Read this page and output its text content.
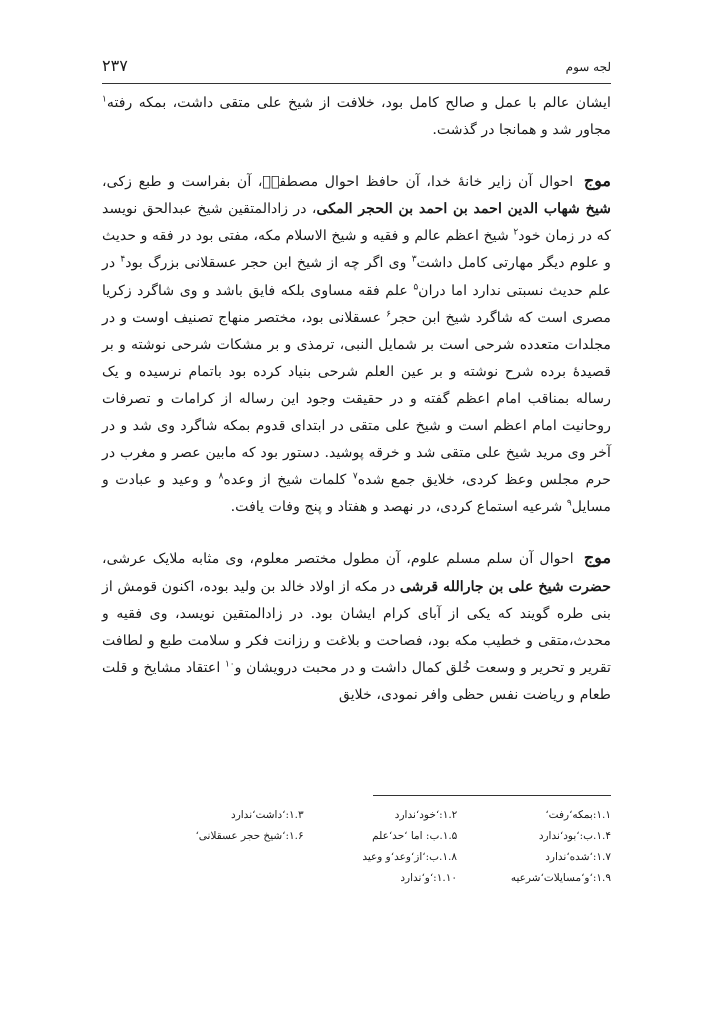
۲۳۷	لجه سوم

ایشان عالم با عمل و صالح کامل بود، خلافت از شیخ علی متقی داشت، بمکه رفته$^۱$ مجاور شد و همانجا در گذشت.

موج احوال آن زایر خانهٔ خدا، آن حافظ احوال مصطفیؐ، آن بفراست و طبع زکی، شیخ شهاب الدین احمد بن احمد بن الحجر المکی، در زادالمتقین شیخ عبدالحق نویسد که در زمان خود$^۲$ شیخ اعظم عالم و فقیه و شیخ الاسلام مکه، مفتی بود در فقه و حدیث و علوم دیگر مهارتی کامل داشت$^۳$ وی اگر چه از شیخ ابن حجر عسقلانی بزرگ بود$^۴$ در علم حدیث نسبتی ندارد اما دران$^۵$ علم فقه مساوی بلکه فایق باشد و وی شاگرد زکریا مصری است که شاگرد شیخ ابن حجر$^۶$ عسقلانی بود، مختصر منهاج تصنیف اوست و در مجلدات متعدده شرحی است بر شمایل النبی، ترمذی و بر مشکات شرحی نوشته و بر قصیدهٔ برده شرح نوشته و بر عین العلم شرحی بنیاد کرده بود باتمام نرسیده و یک رساله بمناقب امام اعظم گفته و در حقیقت وجود این رساله از کرامات و تصرفات روحانیت امام اعظم است و شیخ علی متقی در ابتدای قدوم بمکه شاگرد وی شد و در آخر وی مرید شیخ علی متقی شد و خرقه پوشید. دستور بود که مابین عصر و مغرب در حرم مجلس وعظ کردی، خلایق جمع شده$^۷$ کلمات شیخ از وعده$^۸$ و وعید و عبادت و مسایل$^۹$ شرعیه استماع کردی، در نهصد و هفتاد و پنج وفات یافت.

موج احوال آن سلم مسلم علوم، آن مطول مختصر معلوم، وی مثابه ملایک عرشی، حضرت شیخ علی بن جارالله قرشی در مکه از اولاد خالد بن ولید بوده، اکنون قومش از بنی طره گویند که یکی از آبای کرام ایشان بود. در زادالمتقین نویسد، وی فقیه و محدث،متقی و خطیب مکه بود، فصاحت و بلاغت و رزانت فکر و سلامت طبع و لطافت تقریر و تحریر و وسعت خُلق کمال داشت و در محبت درویشان و$^{۱۰}$ اعتقاد مشایخ و قلت طعام و ریاضت نفس حظی وافر نمودی، خلایق

۱.۱:بمکه‘رفت‘
۱.۲:‘خود‘ندارد
۱.۳:‘داشت‘ندارد
۱.۴.ب:‘بود‘ندارد
۱.۵.ب: اما ‘حد‘علم
۱.۶:‘شیخ حجر عسقلانی‘
۱.۷:‘شده‘ندارد
۱.۸.ب:‘از‘وعد‘و وعید
۱.۹:‘و‘مسایلات‘شرعیه
۱.۱۰:‘و‘ندارد
